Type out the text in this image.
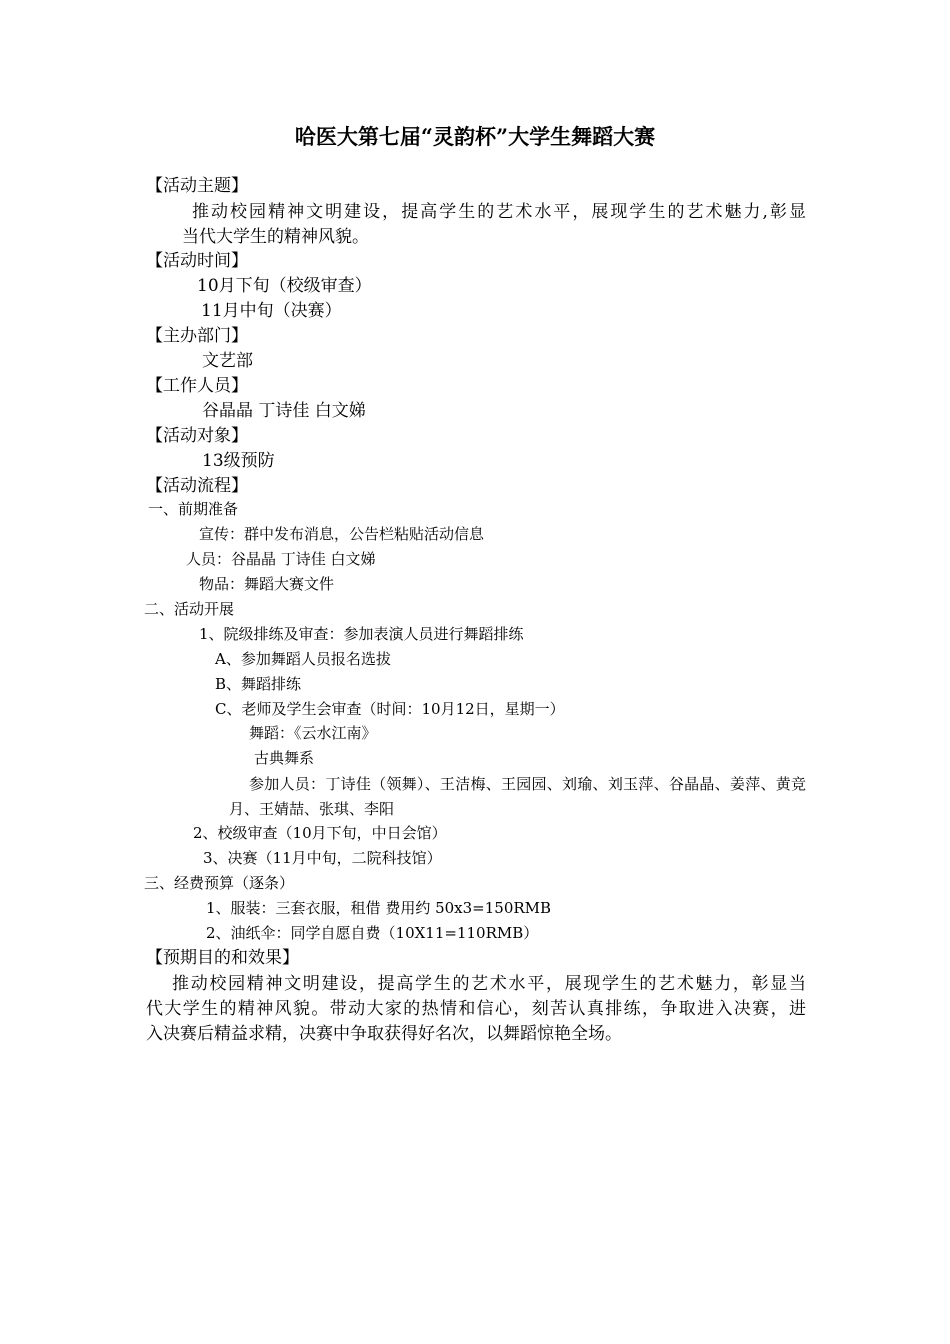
哈医大第七届“灵韵杯”大学生舞蹈大赛
【活动主题】
推动校园精神文明建设，提高学生的艺术水平，展现学生的艺术魅力,彰显
当代大学生的精神风貌。
【活动时间】
10月下旬（校级审查）
11月中旬（决赛）
【主办部门】
文艺部
【工作人员】
谷晶晶 丁诗佳 白文娣
【活动对象】
13级预防
【活动流程】
一、前期准备
宣传：群中发布消息，公告栏粘贴活动信息
人员：谷晶晶 丁诗佳 白文娣
物品：舞蹈大赛文件
二、活动开展
1、院级排练及审查：参加表演人员进行舞蹈排练
A、参加舞蹈人员报名选拔
B、舞蹈排练
C、老师及学生会审查（时间：10月12日，星期一）
舞蹈：《云水江南》
古典舞系
参加人员：丁诗佳（领舞）、王洁梅、王园园、刘瑜、刘玉萍、谷晶晶、姜萍、黄竞
月、王婧喆、张琪、李阳
2、校级审查（10月下旬，中日会馆）
3、决赛（11月中旬，二院科技馆）
三、经费预算（逐条）
1、服装：三套衣服，租借 费用约 50x3=150RMB
2、油纸伞：同学自愿自费（10X11=110RMB）
【预期目的和效果】
推动校园精神文明建设，提高学生的艺术水平，展现学生的艺术魅力，彰显当
代大学生的精神风貌。带动大家的热情和信心，刻苦认真排练，争取进入决赛，进
入决赛后精益求精，决赛中争取获得好名次，以舞蹈惊艳全场。
